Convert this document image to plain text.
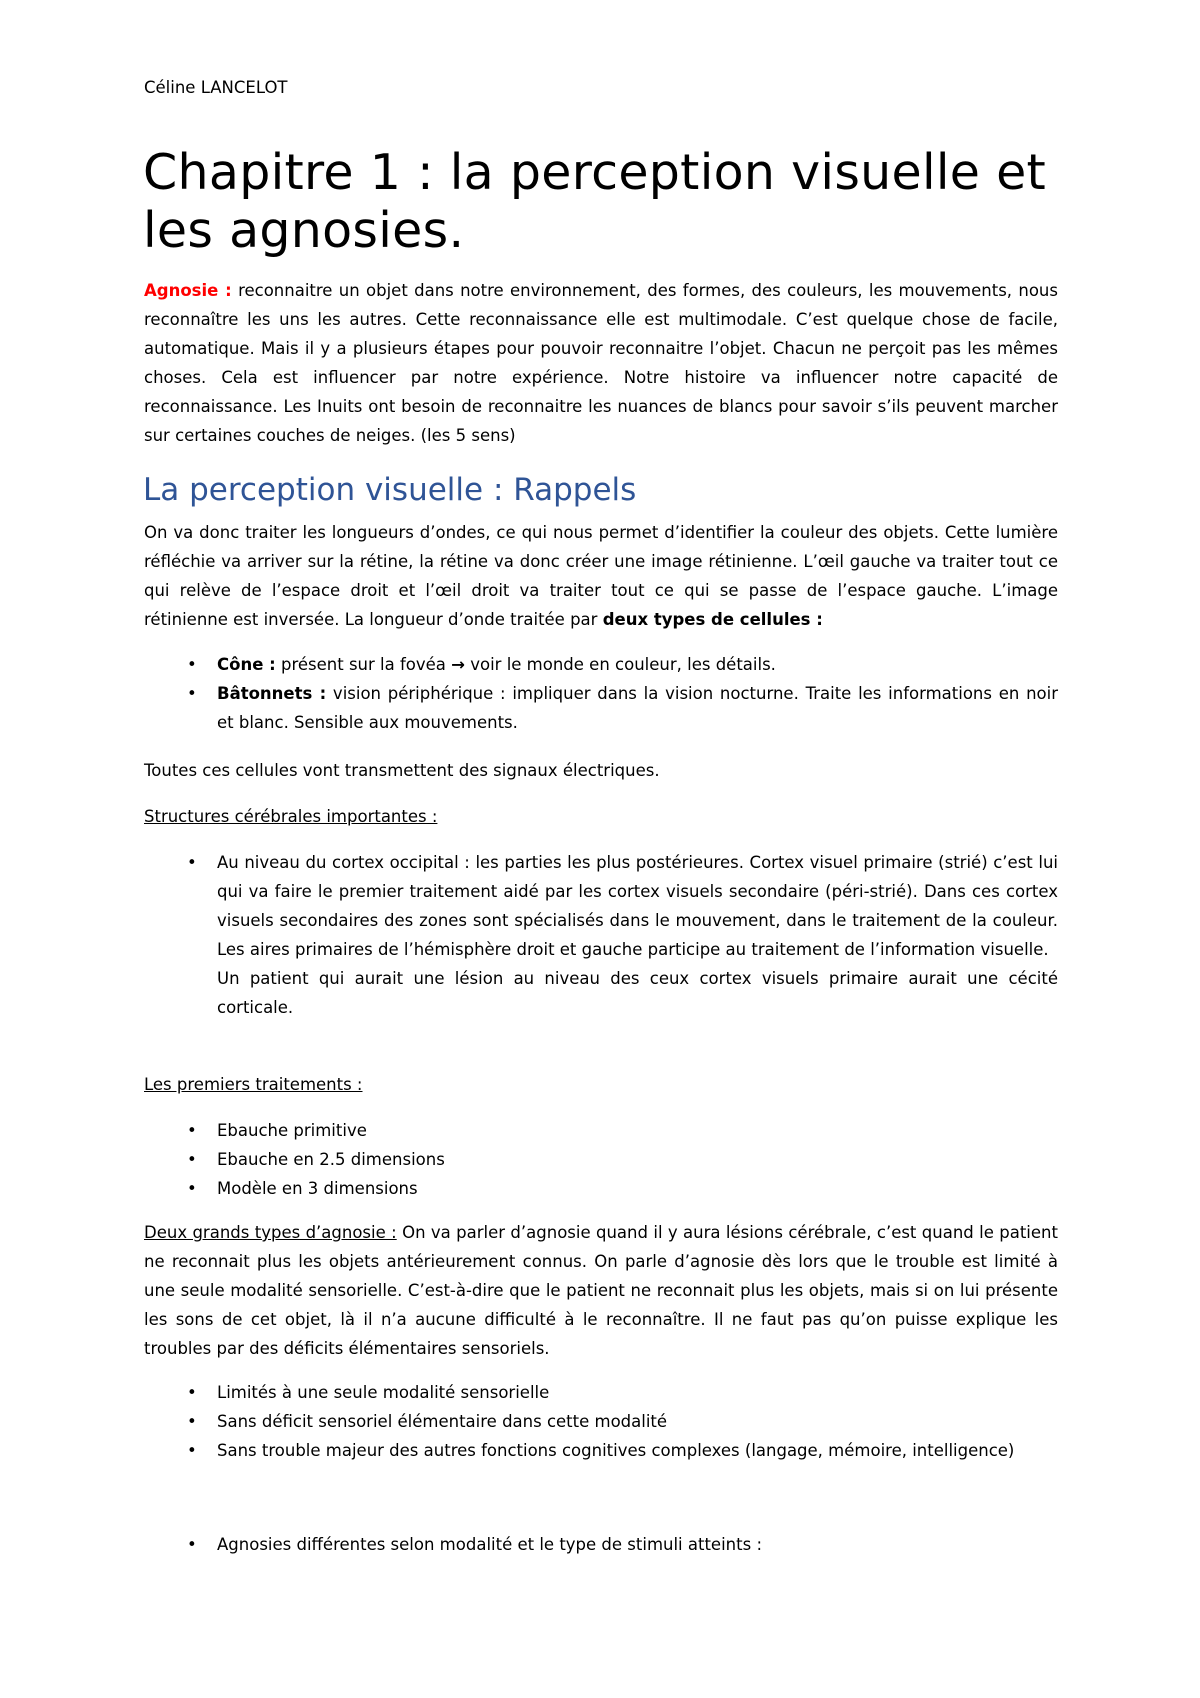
Céline LANCELOT
Chapitre 1 : la perception visuelle et les agnosies.

Agnosie : reconnaitre un objet dans notre environnement, des formes, des couleurs, les mouvements, nous reconnaître les uns les autres. Cette reconnaissance elle est multimodale. C’est quelque chose de facile, automatique. Mais il y a plusieurs étapes pour pouvoir reconnaitre l’objet. Chacun ne perçoit pas les mêmes choses. Cela est influencer par notre expérience. Notre histoire va influencer notre capacité de reconnaissance. Les Inuits ont besoin de reconnaitre les nuances de blancs pour savoir s’ils peuvent marcher sur certaines couches de neiges. (les 5 sens)

La perception visuelle : Rappels

On va donc traiter les longueurs d’ondes, ce qui nous permet d’identifier la couleur des objets. Cette lumière réfléchie va arriver sur la rétine, la rétine va donc créer une image rétinienne. L’œil gauche va traiter tout ce qui relève de l’espace droit et l’œil droit va traiter tout ce qui se passe de l’espace gauche. L’image rétinienne est inversée. La longueur d’onde traitée par deux types de cellules :

• Cône : présent sur la fovéa → voir le monde en couleur, les détails.
• Bâtonnets : vision périphérique : impliquer dans la vision nocturne. Traite les informations en noir et blanc. Sensible aux mouvements.

Toutes ces cellules vont transmettent des signaux électriques.

Structures cérébrales importantes :

• Au niveau du cortex occipital : les parties les plus postérieures. Cortex visuel primaire (strié) c’est lui qui va faire le premier traitement aidé par les cortex visuels secondaire (péri-strié). Dans ces cortex visuels secondaires des zones sont spécialisés dans le mouvement, dans le traitement de la couleur. Les aires primaires de l’hémisphère droit et gauche participe au traitement de l’information visuelle.
Un patient qui aurait une lésion au niveau des ceux cortex visuels primaire aurait une cécité corticale.

Les premiers traitements :

• Ebauche primitive
• Ebauche en 2.5 dimensions
• Modèle en 3 dimensions

Deux grands types d’agnosie : On va parler d’agnosie quand il y aura lésions cérébrale, c’est quand le patient ne reconnait plus les objets antérieurement connus. On parle d’agnosie dès lors que le trouble est limité à une seule modalité sensorielle. C’est-à-dire que le patient ne reconnait plus les objets, mais si on lui présente les sons de cet objet, là il n’a aucune difficulté à le reconnaître. Il ne faut pas qu’on puisse explique les troubles par des déficits élémentaires sensoriels.

• Limités à une seule modalité sensorielle
• Sans déficit sensoriel élémentaire dans cette modalité
• Sans trouble majeur des autres fonctions cognitives complexes (langage, mémoire, intelligence)
• Agnosies différentes selon modalité et le type de stimuli atteints :
